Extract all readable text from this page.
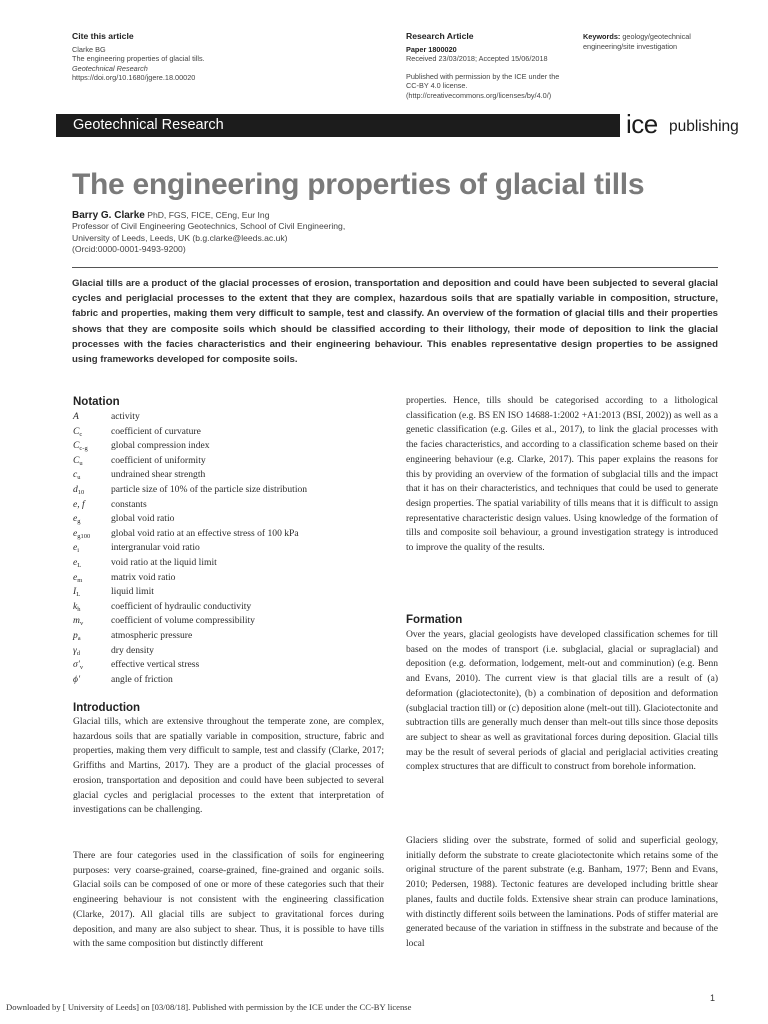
Cite this article
Clarke BG
The engineering properties of glacial tills.
Geotechnical Research
https://doi.org/10.1680/jgere.18.00020
Research Article
Paper 1800020
Received 23/03/2018; Accepted 15/06/2018
Published with permission by the ICE under the
CC-BY 4.0 license.
(http://creativecommons.org/licenses/by/4.0/)
Keywords: geology/geotechnical
engineering/site investigation
Geotechnical Research	ice publishing
The engineering properties of glacial tills
Barry G. Clarke PhD, FGS, FICE, CEng, Eur Ing
Professor of Civil Engineering Geotechnics, School of Civil Engineering,
University of Leeds, Leeds, UK (b.g.clarke@leeds.ac.uk)
(Orcid:0000-0001-9493-9200)
Glacial tills are a product of the glacial processes of erosion, transportation and deposition and could have been subjected to several glacial cycles and periglacial processes to the extent that they are complex, hazardous soils that are spatially variable in composition, structure, fabric and properties, making them very difficult to sample, test and classify. An overview of the formation of glacial tills and their properties shows that they are composite soils which should be classified according to their lithology, their mode of deposition to link the glacial processes with the facies characteristics and their engineering behaviour. This enables representative design properties to be assigned using frameworks developed for composite soils.
Notation
A	activity
$C_c$	coefficient of curvature
$C_{c-g}$ global compression index
$C_u$	coefficient of uniformity
$c_u$	undrained shear strength
$d_{10}$	particle size of 10% of the particle size distribution
e, f	constants
$e_g$	global void ratio
$e_{g100}$ global void ratio at an effective stress of 100 kPa
$e_i$	intergranular void ratio
$e_L$	void ratio at the liquid limit
$e_m$	matrix void ratio
$I_L$	liquid limit
$k_h$	coefficient of hydraulic conductivity
$m_v$	coefficient of volume compressibility
$p_a$	atmospheric pressure
$\gamma_d$	dry density
$\sigma'_v$	effective vertical stress
ϕ′	angle of friction
Introduction

Glacial tills, which are extensive throughout the temperate zone, are complex, hazardous soils that are spatially variable in composition, structure, fabric and properties, making them very difficult to sample, test and classify (Clarke, 2017; Griffiths and Martins, 2017). They are a product of the glacial processes of erosion, transportation and deposition and could have been subjected to several glacial cycles and periglacial processes to the extent that interpretation of investigations can be challenging.

There are four categories used in the classification of soils for engineering purposes: very coarse-grained, coarse-grained, fine-grained and organic soils. Glacial soils can be composed of one or more of these categories such that their engineering behaviour is not consistent with the engineering classification (Clarke, 2017). All glacial tills are subject to gravitational forces during deposition, and many are also subject to shear. Thus, it is possible to have tills with the same composition but distinctly different

properties. Hence, tills should be categorised according to a lithological classification (e.g. BS EN ISO 14688-1:2002 +A1:2013 (BSI, 2002)) as well as a genetic classification (e.g. Giles et al., 2017), to link the glacial processes with the facies characteristics, and according to a classification scheme based on their engineering behaviour (e.g. Clarke, 2017). This paper explains the reasons for this by providing an overview of the formation of subglacial tills and the impact that it has on their characteristics, and techniques that could be used to generate design properties. The spatial variability of tills means that it is difficult to assign representative characteristic design values. Using knowledge of the formation of tills and composite soil behaviour, a ground investigation strategy is introduced to improve the quality of the results.

Formation

Over the years, glacial geologists have developed classification schemes for till based on the modes of transport (i.e. subglacial, glacial or supraglacial) and deposition (e.g. deformation, lodgement, melt-out and comminution) (e.g. Benn and Evans, 2010). The current view is that glacial tills are a result of (a) deformation (glaciotectonite), (b) a combination of deposition and deformation (subglacial traction till) or (c) deposition alone (melt-out till). Glaciotectonite and subtraction tills are generally much denser than melt-out tills since those deposits are subject to shear as well as gravitational forces during deposition. Glacial tills may be the result of several periods of glacial and periglacial activities creating complex structures that are difficult to construct from borehole information.

Glaciers sliding over the substrate, formed of solid and superficial geology, initially deform the substrate to create glaciotectonite which retains some of the original structure of the parent substrate (e.g. Banham, 1977; Benn and Evans, 2010; Pedersen, 1988). Tectonic features are developed including brittle shear planes, faults and ductile folds. Extensive shear strain can produce laminations, with distinctly different soils between the laminations. Pods of stiffer material are generated because of the variation in stiffness in the substrate and because of the local

1
Downloaded by [ University of Leeds] on [03/08/18]. Published with permission by the ICE under the CC-BY license
